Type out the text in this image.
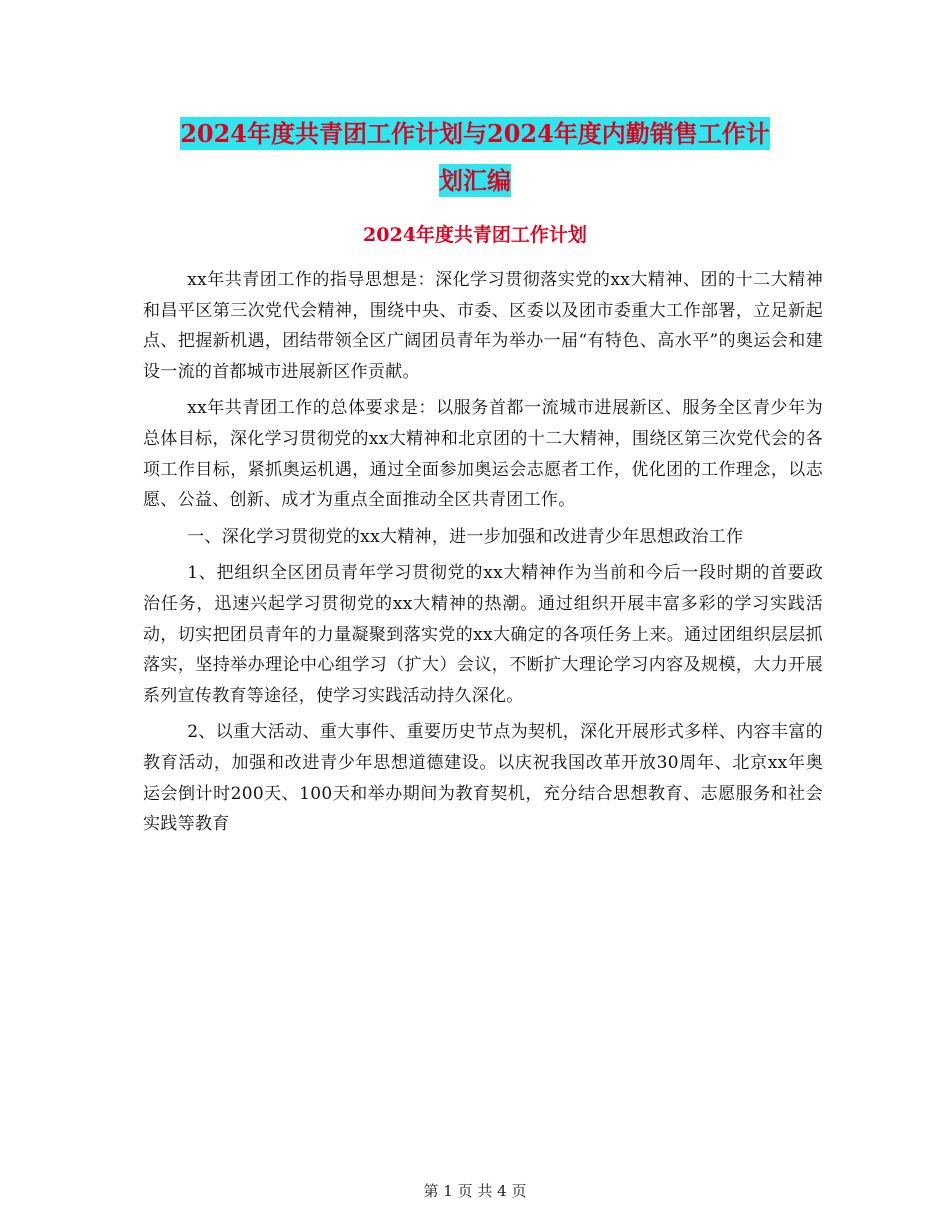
2024年度共青团工作计划与2024年度内勤销售工作计
划汇编
2024年度共青团工作计划

xx年共青团工作的指导思想是：深化学习贯彻落实党的xx大精神、团的十二大精神和昌平区第三次党代会精神，围绕中央、市委、区委以及团市委重大工作部署，立足新起点、把握新机遇，团结带领全区广阔团员青年为举办一届“有特色、高水平”的奥运会和建设一流的首都城市进展新区作贡献。

xx年共青团工作的总体要求是：以服务首都一流城市进展新区、服务全区青少年为总体目标，深化学习贯彻党的xx大精神和北京团的十二大精神，围绕区第三次党代会的各项工作目标，紧抓奥运机遇，通过全面参加奥运会志愿者工作，优化团的工作理念，以志愿、公益、创新、成才为重点全面推动全区共青团工作。

一、深化学习贯彻党的xx大精神，进一步加强和改进青少年思想政治工作

1、把组织全区团员青年学习贯彻党的xx大精神作为当前和今后一段时期的首要政治任务，迅速兴起学习贯彻党的xx大精神的热潮。通过组织开展丰富多彩的学习实践活动，切实把团员青年的力量凝聚到落实党的xx大确定的各项任务上来。通过团组织层层抓落实，坚持举办理论中心组学习（扩大）会议，不断扩大理论学习内容及规模，大力开展系列宣传教育等途径，使学习实践活动持久深化。

2、以重大活动、重大事件、重要历史节点为契机，深化开展形式多样、内容丰富的教育活动，加强和改进青少年思想道德建设。以庆祝我国改革开放30周年、北京xx年奥运会倒计时200天、100天和举办期间为教育契机，充分结合思想教育、志愿服务和社会实践等教育

第 1 页 共 4 页
